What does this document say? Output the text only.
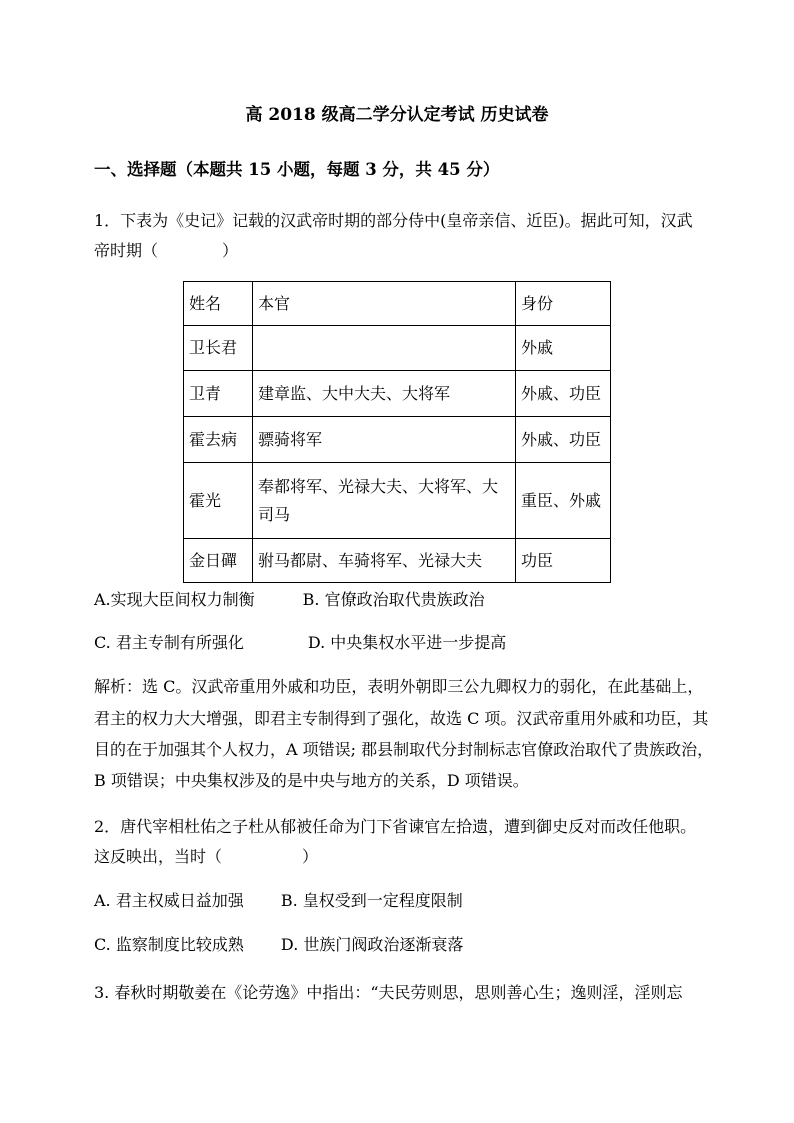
高 2018 级高二学分认定考试 历史试卷
一、选择题（本题共 15 小题，每题 3 分，共 45 分）
1．下表为《史记》记载的汉武帝时期的部分侍中(皇帝亲信、近臣)。据此可知，汉武
帝时期（　　　　）
姓名	本官	身份
卫长君		外戚
卫青	建章监、大中大夫、大将军	外戚、功臣
霍去病	骠骑将军	外戚、功臣
霍光	奉都将军、光禄大夫、大将军、大司马	重臣、外戚
金日磾	驸马都尉、车骑将军、光禄大夫	功臣
A.实现大臣间权力制衡　　　B. 官僚政治取代贵族政治
C. 君主专制有所强化　　　　D. 中央集权水平进一步提高
解析：选 C。汉武帝重用外戚和功臣，表明外朝即三公九卿权力的弱化，在此基础上，
君主的权力大大增强，即君主专制得到了强化，故选 C 项。汉武帝重用外戚和功臣，其
目的在于加强其个人权力，A 项错误; 郡县制取代分封制标志官僚政治取代了贵族政治，
B 项错误；中央集权涉及的是中央与地方的关系，D 项错误。
2．唐代宰相杜佑之子杜从郁被任命为门下省谏官左拾遗，遭到御史反对而改任他职。
这反映出，当时（　　　　　）
A. 君主权威日益加强　　 B. 皇权受到一定程度限制
C. 监察制度比较成熟　　 D. 世族门阀政治逐渐衰落
3. 春秋时期敬姜在《论劳逸》中指出：“夫民劳则思，思则善心生；逸则淫，淫则忘
